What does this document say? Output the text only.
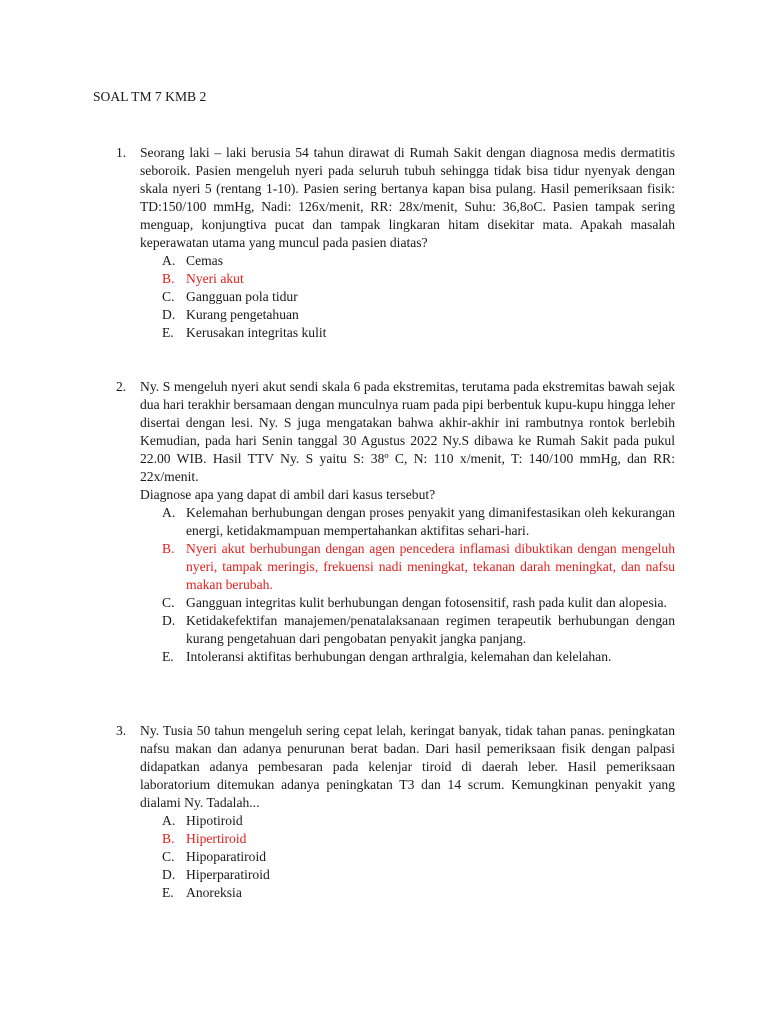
SOAL TM 7 KMB 2
1. Seorang laki – laki berusia 54 tahun dirawat di Rumah Sakit dengan diagnosa medis dermatitis seboroik. Pasien mengeluh nyeri pada seluruh tubuh sehingga tidak bisa tidur nyenyak dengan skala nyeri 5 (rentang 1-10). Pasien sering bertanya kapan bisa pulang. Hasil pemeriksaan fisik: TD:150/100 mmHg, Nadi: 126x/menit, RR: 28x/menit, Suhu: 36,8oC. Pasien tampak sering menguap, konjungtiva pucat dan tampak lingkaran hitam disekitar mata. Apakah masalah keperawatan utama yang muncul pada pasien diatas?
A. Cemas
B. Nyeri akut
C. Gangguan pola tidur
D. Kurang pengetahuan
E. Kerusakan integritas kulit
2. Ny. S mengeluh nyeri akut sendi skala 6 pada ekstremitas, terutama pada ekstremitas bawah sejak dua hari terakhir bersamaan dengan munculnya ruam pada pipi berbentuk kupu-kupu hingga leher disertai dengan lesi. Ny. S juga mengatakan bahwa akhir-akhir ini rambutnya rontok berlebih Kemudian, pada hari Senin tanggal 30 Agustus 2022 Ny.S dibawa ke Rumah Sakit pada pukul 22.00 WIB. Hasil TTV Ny. S yaitu S: 38º C, N: 110 x/menit, T: 140/100 mmHg, dan RR: 22x/menit.
Diagnose apa yang dapat di ambil dari kasus tersebut?
A. Kelemahan berhubungan dengan proses penyakit yang dimanifestasikan oleh kekurangan energi, ketidakmampuan mempertahankan aktifitas sehari-hari.
B. Nyeri akut berhubungan dengan agen pencedera inflamasi dibuktikan dengan mengeluh nyeri, tampak meringis, frekuensi nadi meningkat, tekanan darah meningkat, dan nafsu makan berubah.
C. Gangguan integritas kulit berhubungan dengan fotosensitif, rash pada kulit dan alopesia.
D. Ketidakefektifan manajemen/penatalaksanaan regimen terapeutik berhubungan dengan kurang pengetahuan dari pengobatan penyakit jangka panjang.
E. Intoleransi aktifitas berhubungan dengan arthralgia, kelemahan dan kelelahan.
3. Ny. Tusia 50 tahun mengeluh sering cepat lelah, keringat banyak, tidak tahan panas. peningkatan nafsu makan dan adanya penurunan berat badan. Dari hasil pemeriksaan fisik dengan palpasi didapatkan adanya pembesaran pada kelenjar tiroid di daerah leber. Hasil pemeriksaan laboratorium ditemukan adanya peningkatan T3 dan 14 scrum. Kemungkinan penyakit yang dialami Ny. Tadalah...
A. Hipotiroid
B. Hipertiroid
C. Hipoparatiroid
D. Hiperparatiroid
E. Anoreksia
